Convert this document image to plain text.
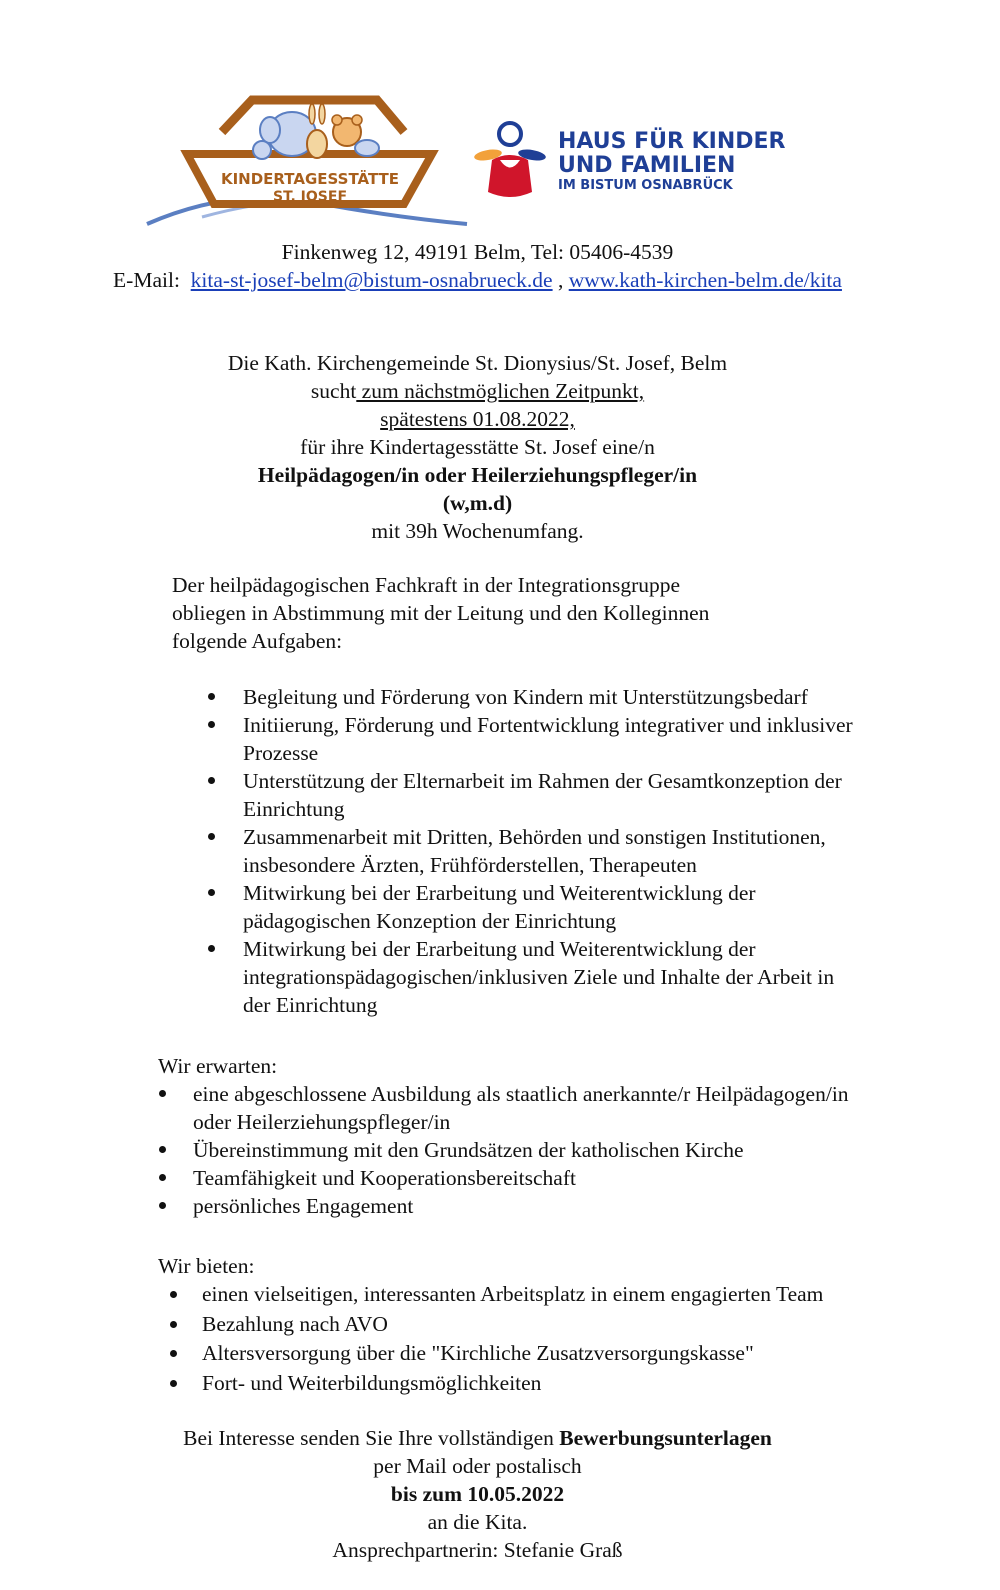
KINDERTAGESSTÄTTE
ST. JOSEF
HAUS FÜR KINDER
UND FAMILIEN
IM BISTUM OSNABRÜCK
Finkenweg 12, 49191 Belm, Tel: 05406-4539
E-Mail: kita-st-josef-belm@bistum-osnabrueck.de , www.kath-kirchen-belm.de/kita
Die Kath. Kirchengemeinde St. Dionysius/St. Josef, Belm
sucht zum nächstmöglichen Zeitpunkt,
spätestens 01.08.2022,
für ihre Kindertagesstätte St. Josef eine/n
Heilpädagogen/in oder Heilerziehungspfleger/in
(w,m.d)
mit 39h Wochenumfang.
Der heilpädagogischen Fachkraft in der Integrationsgruppe
obliegen in Abstimmung mit der Leitung und den Kolleginnen
folgende Aufgaben:
Begleitung und Förderung von Kindern mit Unterstützungsbedarf
Initiierung, Förderung und Fortentwicklung integrativer und inklusiver
Prozesse
Unterstützung der Elternarbeit im Rahmen der Gesamtkonzeption der
Einrichtung
Zusammenarbeit mit Dritten, Behörden und sonstigen Institutionen,
insbesondere Ärzten, Frühförderstellen, Therapeuten
Mitwirkung bei der Erarbeitung und Weiterentwicklung der
pädagogischen Konzeption der Einrichtung
Mitwirkung bei der Erarbeitung und Weiterentwicklung der
integrationspädagogischen/inklusiven Ziele und Inhalte der Arbeit in
der Einrichtung
Wir erwarten:
eine abgeschlossene Ausbildung als staatlich anerkannte/r Heilpädagogen/in
oder Heilerziehungspfleger/in
Übereinstimmung mit den Grundsätzen der katholischen Kirche
Teamfähigkeit und Kooperationsbereitschaft
persönliches Engagement
Wir bieten:
einen vielseitigen, interessanten Arbeitsplatz in einem engagierten Team
Bezahlung nach AVO
Altersversorgung über die "Kirchliche Zusatzversorgungskasse"
Fort- und Weiterbildungsmöglichkeiten
Bei Interesse senden Sie Ihre vollständigen Bewerbungsunterlagen
per Mail oder postalisch
bis zum 10.05.2022
an die Kita.
Ansprechpartnerin: Stefanie Graß
